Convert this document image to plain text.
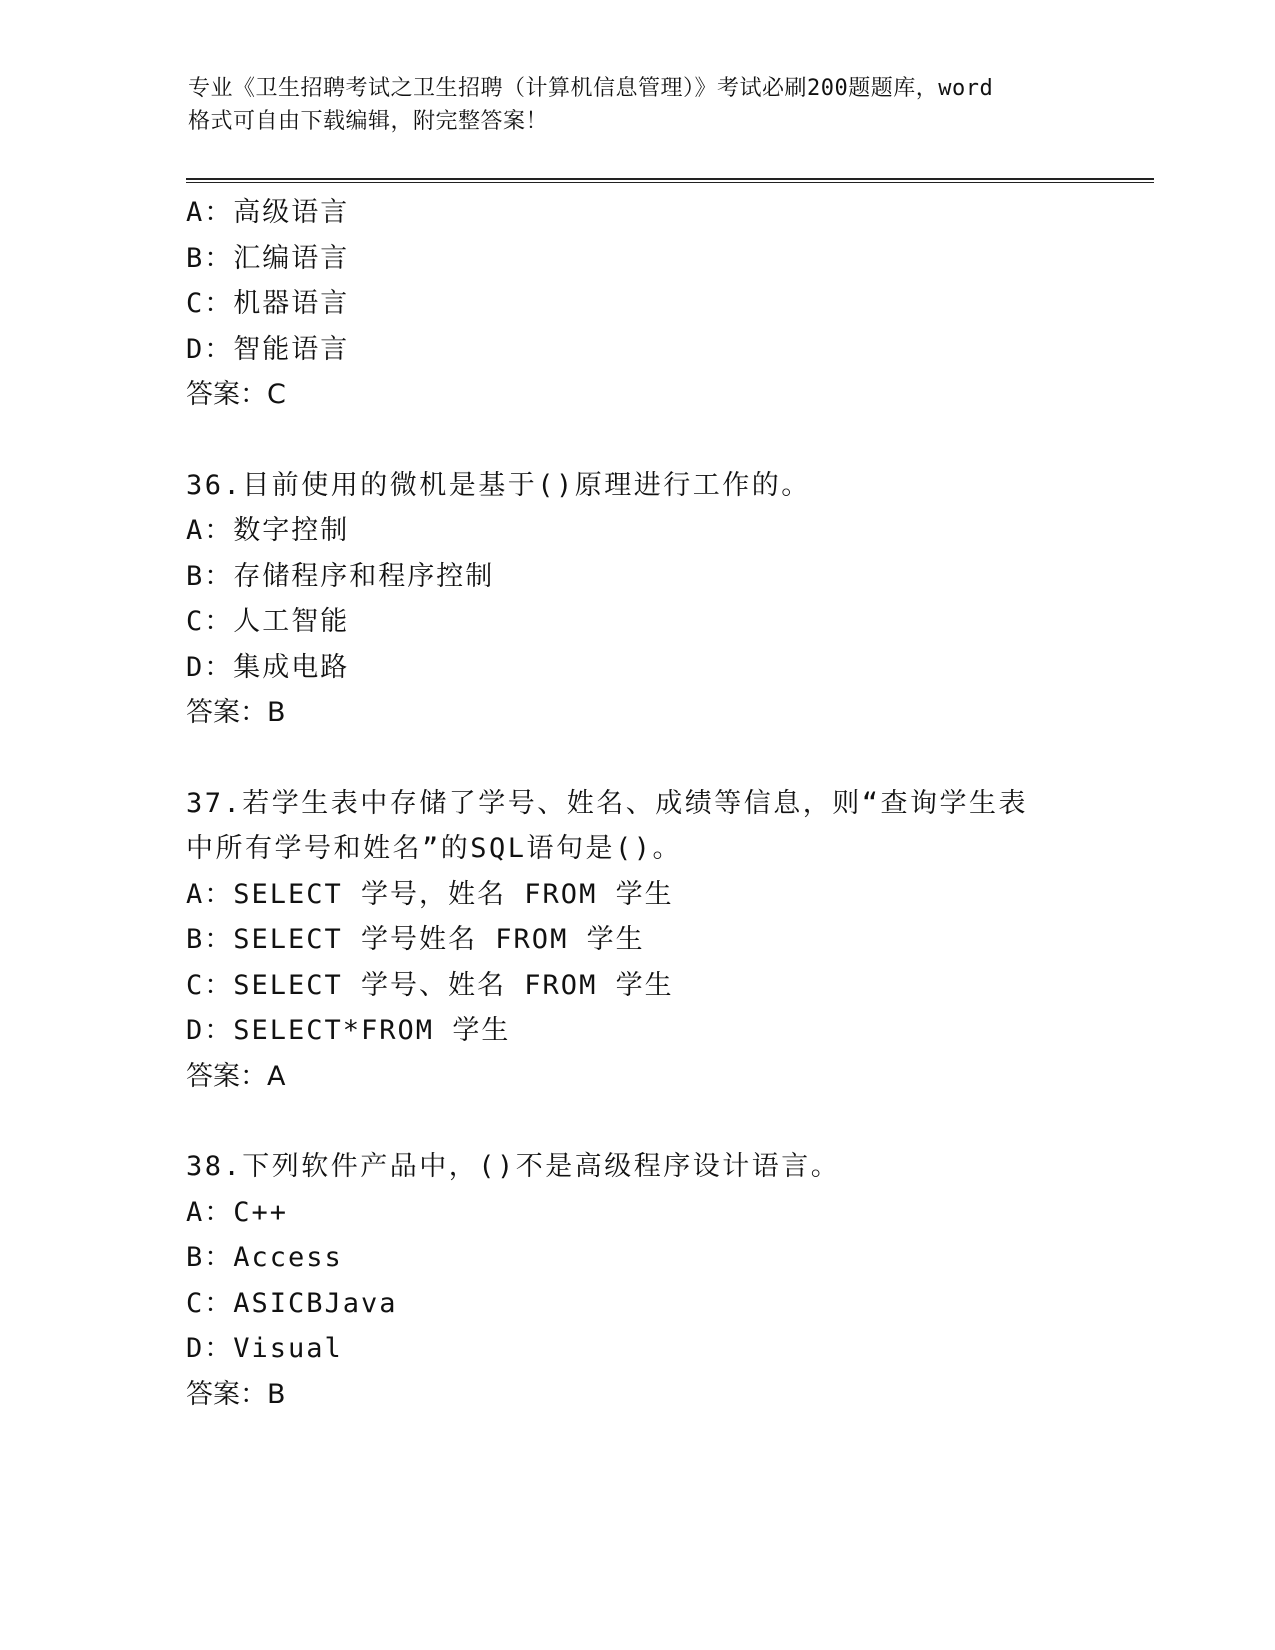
专业《卫生招聘考试之卫生招聘（计算机信息管理）》考试必刷200题题库，word
格式可自由下载编辑，附完整答案！
A：高级语言
B：汇编语言
C：机器语言
D：智能语言
答案：C
36.目前使用的微机是基于()原理进行工作的。
A：数字控制
B：存储程序和程序控制
C：人工智能
D：集成电路
答案：B
37.若学生表中存储了学号、姓名、成绩等信息，则“查询学生表中所有学号和姓名”的SQL语句是()。
A：SELECT 学号，姓名 FROM 学生
B：SELECT 学号姓名 FROM 学生
C：SELECT 学号、姓名 FROM 学生
D：SELECT*FROM 学生
答案：A
38.下列软件产品中，()不是高级程序设计语言。
A：C++
B：Access
C：ASICBJava
D：Visual
答案：B
